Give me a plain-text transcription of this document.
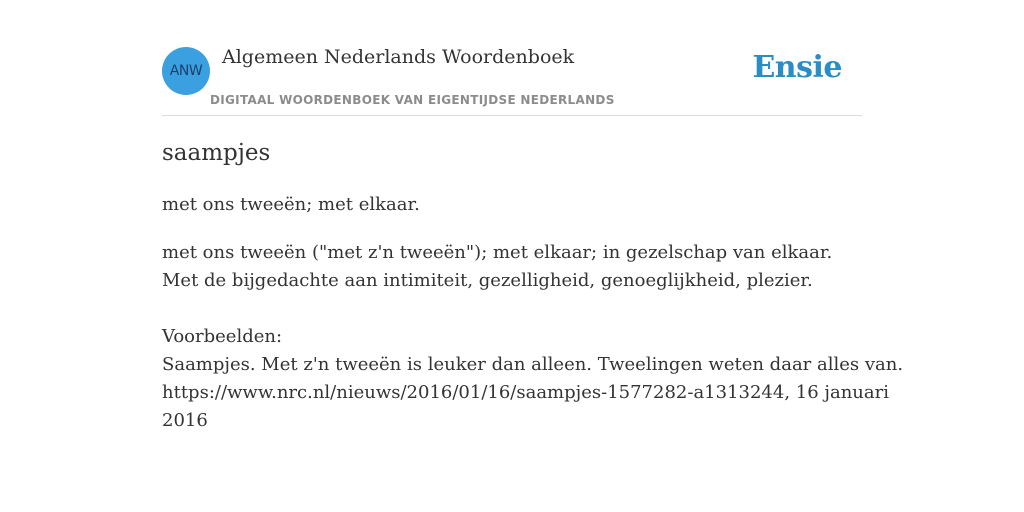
ANW
Algemeen Nederlands Woordenboek
DIGITAAL WOORDENBOEK VAN EIGENTIJDSE NEDERLANDS
Ensie
saampjes
met ons tweeën; met elkaar.
met ons tweeën ("met z'n tweeën"); met elkaar; in gezelschap van elkaar.
Met de bijgedachte aan intimiteit, gezelligheid, genoeglijkheid, plezier.
Voorbeelden:
Saampjes. Met z'n tweeën is leuker dan alleen. Tweelingen weten daar alles van.
https://www.nrc.nl/nieuws/2016/01/16/saampjes-1577282-a1313244, 16 januari
2016
